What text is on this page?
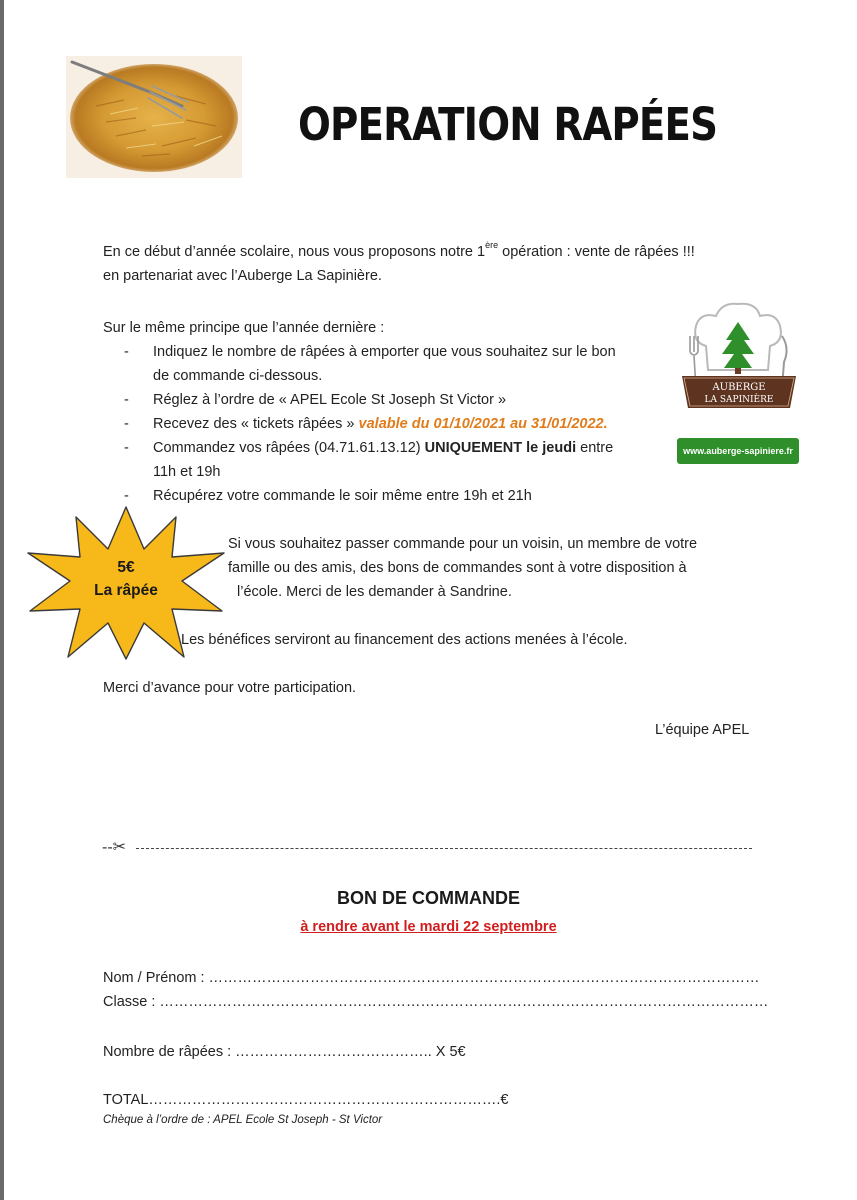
OPERATION RAPÉES
En ce début d’année scolaire, nous vous proposons notre 1ère opération : vente de râpées !!!
en partenariat avec l’Auberge La Sapinière.
Sur le même principe que l’année dernière :
- Indiquez le nombre de râpées à emporter que vous souhaitez sur le bon
de commande ci-dessous.
- Réglez à l’ordre de « APEL Ecole St Joseph St Victor »
- Recevez des « tickets râpées » valable du 01/10/2021 au 31/01/2022.
- Commandez vos râpées (04.71.61.13.12) UNIQUEMENT le jeudi entre
11h et 19h
- Récupérez votre commande le soir même entre 19h et 21h
AUBERGE
LA SAPINIÈRE
www.auberge-sapiniere.fr
5€
La râpée
Si vous souhaitez passer commande pour un voisin, un membre de votre
famille ou des amis, des bons de commandes sont à votre disposition à
l’école. Merci de les demander à Sandrine.
Les bénéfices serviront au financement des actions menées à l’école.
Merci d’avance pour votre participation.
L’équipe APEL
--✂
BON DE COMMANDE
à rendre avant le mardi 22 septembre
Nom / Prénom : ……………………………………………………………………………………………………
Classe : ………………………………………………………………………………………………………………
Nombre de râpées : ………………………………….. X 5€
TOTAL……………………………………………………………….€
Chèque à l’ordre de : APEL Ecole St Joseph - St Victor
